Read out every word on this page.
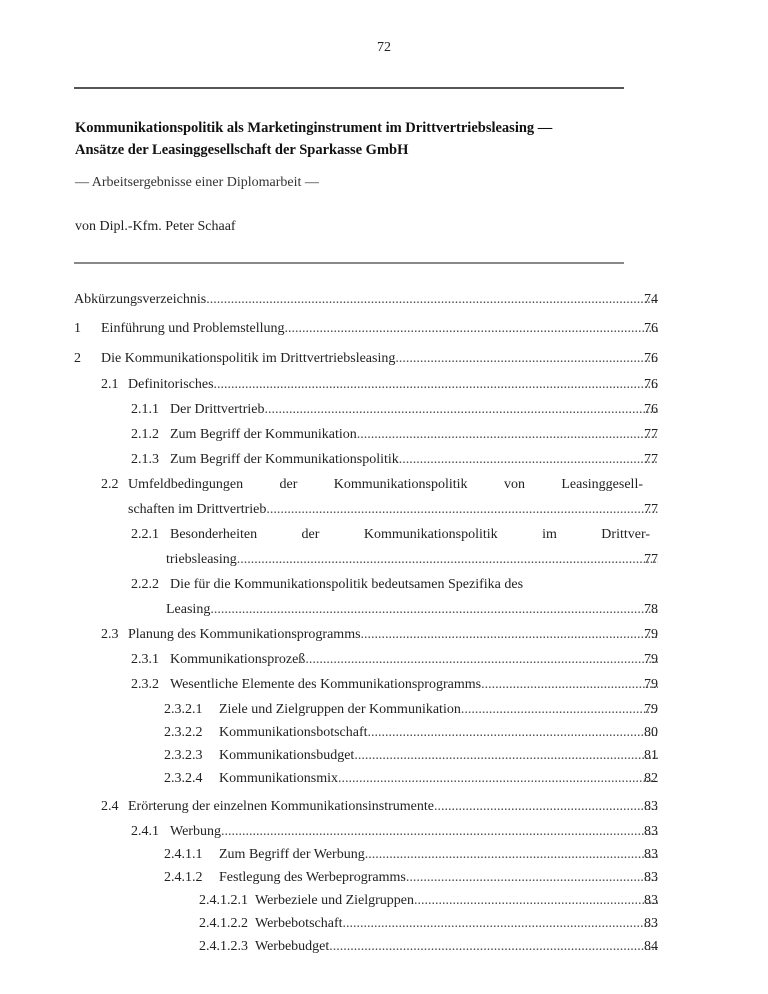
72
Kommunikationspolitik als Marketinginstrument im Drittvertriebsleasing —
Ansätze der Leasinggesellschaft der Sparkasse GmbH
— Arbeitsergebnisse einer Diplomarbeit —
von Dipl.-Kfm. Peter Schaaf
Abkürzungsverzeichnis .....	74
1 Einführung und Problemstellung .....	76
2 Die Kommunikationspolitik im Drittvertriebsleasing .....	76
2.1 Definitorisches .....	76
2.1.1 Der Drittvertrieb .....	76
2.1.2 Zum Begriff der Kommunikation .....	77
2.1.3 Zum Begriff der Kommunikationspolitik .....	77
2.2 Umfeldbedingungen der Kommunikationspolitik von Leasinggesell-
schaften im Drittvertrieb .....	77
2.2.1 Besonderheiten der Kommunikationspolitik im Drittver-
triebsleasing .....	77
2.2.2 Die für die Kommunikationspolitik bedeutsamen Spezifika des
Leasing .....	78
2.3 Planung des Kommunikationsprogramms .....	79
2.3.1 Kommunikationsprozeß .....	79
2.3.2 Wesentliche Elemente des Kommunikationsprogramms .....	79
2.3.2.1 Ziele und Zielgruppen der Kommunikation .....	79
2.3.2.2 Kommunikationsbotschaft .....	80
2.3.2.3 Kommunikationsbudget .....	81
2.3.2.4 Kommunikationsmix .....	82
2.4 Erörterung der einzelnen Kommunikationsinstrumente .....	83
2.4.1 Werbung .....	83
2.4.1.1 Zum Begriff der Werbung .....	83
2.4.1.2 Festlegung des Werbeprogramms .....	83
2.4.1.2.1 Werbeziele und Zielgruppen .....	83
2.4.1.2.2 Werbebotschaft .....	83
2.4.1.2.3 Werbebudget .....	84
